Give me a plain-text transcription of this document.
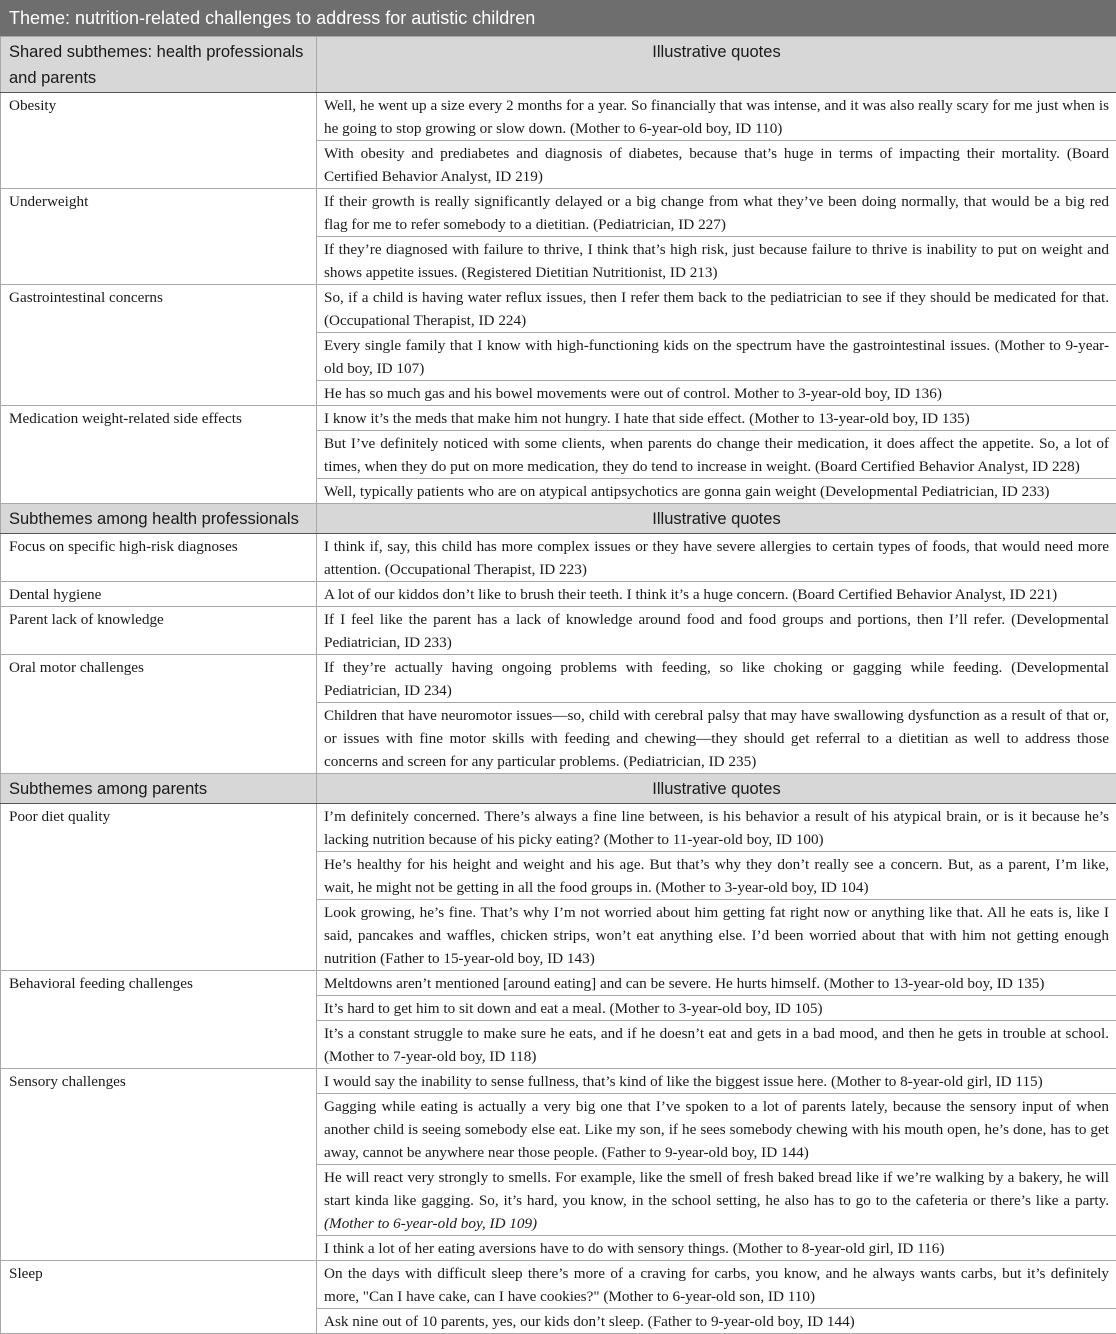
Theme: nutrition-related challenges to address for autistic children
Shared subthemes: health professionals and parents	Illustrative quotes
Obesity	Well, he went up a size every 2 months for a year. So financially that was intense, and it was also really scary for me just when is he going to stop growing or slow down. (Mother to 6-year-old boy, ID 110)
	With obesity and prediabetes and diagnosis of diabetes, because that’s huge in terms of impacting their mortality. (Board Certified Behavior Analyst, ID 219)
Underweight	If their growth is really significantly delayed or a big change from what they’ve been doing normally, that would be a big red flag for me to refer somebody to a dietitian. (Pediatrician, ID 227)
	If they’re diagnosed with failure to thrive, I think that’s high risk, just because failure to thrive is inability to put on weight and shows appetite issues. (Registered Dietitian Nutritionist, ID 213)
Gastrointestinal concerns	So, if a child is having water reflux issues, then I refer them back to the pediatrician to see if they should be medicated for that. (Occupational Therapist, ID 224)
	Every single family that I know with high-functioning kids on the spectrum have the gastrointestinal issues. (Mother to 9-year-old boy, ID 107)
	He has so much gas and his bowel movements were out of control. Mother to 3-year-old boy, ID 136)
Medication weight-related side effects	I know it’s the meds that make him not hungry. I hate that side effect. (Mother to 13-year-old boy, ID 135)
	But I’ve definitely noticed with some clients, when parents do change their medication, it does affect the appetite. So, a lot of times, when they do put on more medication, they do tend to increase in weight. (Board Certified Behavior Analyst, ID 228)
	Well, typically patients who are on atypical antipsychotics are gonna gain weight (Developmental Pediatrician, ID 233)
Subthemes among health professionals	Illustrative quotes
Focus on specific high-risk diagnoses	I think if, say, this child has more complex issues or they have severe allergies to certain types of foods, that would need more attention. (Occupational Therapist, ID 223)
Dental hygiene	A lot of our kiddos don’t like to brush their teeth. I think it’s a huge concern. (Board Certified Behavior Analyst, ID 221)
Parent lack of knowledge	If I feel like the parent has a lack of knowledge around food and food groups and portions, then I’ll refer. (Developmental Pediatrician, ID 233)
Oral motor challenges	If they’re actually having ongoing problems with feeding, so like choking or gagging while feeding. (Developmental Pediatrician, ID 234)
	Children that have neuromotor issues—so, child with cerebral palsy that may have swallowing dysfunction as a result of that or, or issues with fine motor skills with feeding and chewing—they should get referral to a dietitian as well to address those concerns and screen for any particular problems. (Pediatrician, ID 235)
Subthemes among parents	Illustrative quotes
Poor diet quality	I’m definitely concerned. There’s always a fine line between, is his behavior a result of his atypical brain, or is it because he’s lacking nutrition because of his picky eating? (Mother to 11-year-old boy, ID 100)
	He’s healthy for his height and weight and his age. But that’s why they don’t really see a concern. But, as a parent, I’m like, wait, he might not be getting in all the food groups in. (Mother to 3-year-old boy, ID 104)
	Look growing, he’s fine. That’s why I’m not worried about him getting fat right now or anything like that. All he eats is, like I said, pancakes and waffles, chicken strips, won’t eat anything else. I’d been worried about that with him not getting enough nutrition (Father to 15-year-old boy, ID 143)
Behavioral feeding challenges	Meltdowns aren’t mentioned [around eating] and can be severe. He hurts himself. (Mother to 13-year-old boy, ID 135)
	It’s hard to get him to sit down and eat a meal. (Mother to 3-year-old boy, ID 105)
	It’s a constant struggle to make sure he eats, and if he doesn’t eat and gets in a bad mood, and then he gets in trouble at school. (Mother to 7-year-old boy, ID 118)
Sensory challenges	I would say the inability to sense fullness, that’s kind of like the biggest issue here. (Mother to 8-year-old girl, ID 115)
	Gagging while eating is actually a very big one that I’ve spoken to a lot of parents lately, because the sensory input of when another child is seeing somebody else eat. Like my son, if he sees somebody chewing with his mouth open, he’s done, has to get away, cannot be anywhere near those people. (Father to 9-year-old boy, ID 144)
	He will react very strongly to smells. For example, like the smell of fresh baked bread like if we’re walking by a bakery, he will start kinda like gagging. So, it’s hard, you know, in the school setting, he also has to go to the cafeteria or there’s like a party. (Mother to 6-year-old boy, ID 109)
	I think a lot of her eating aversions have to do with sensory things. (Mother to 8-year-old girl, ID 116)
Sleep	On the days with difficult sleep there’s more of a craving for carbs, you know, and he always wants carbs, but it’s definitely more, "Can I have cake, can I have cookies?" (Mother to 6-year-old son, ID 110)
	Ask nine out of 10 parents, yes, our kids don’t sleep. (Father to 9-year-old boy, ID 144)
